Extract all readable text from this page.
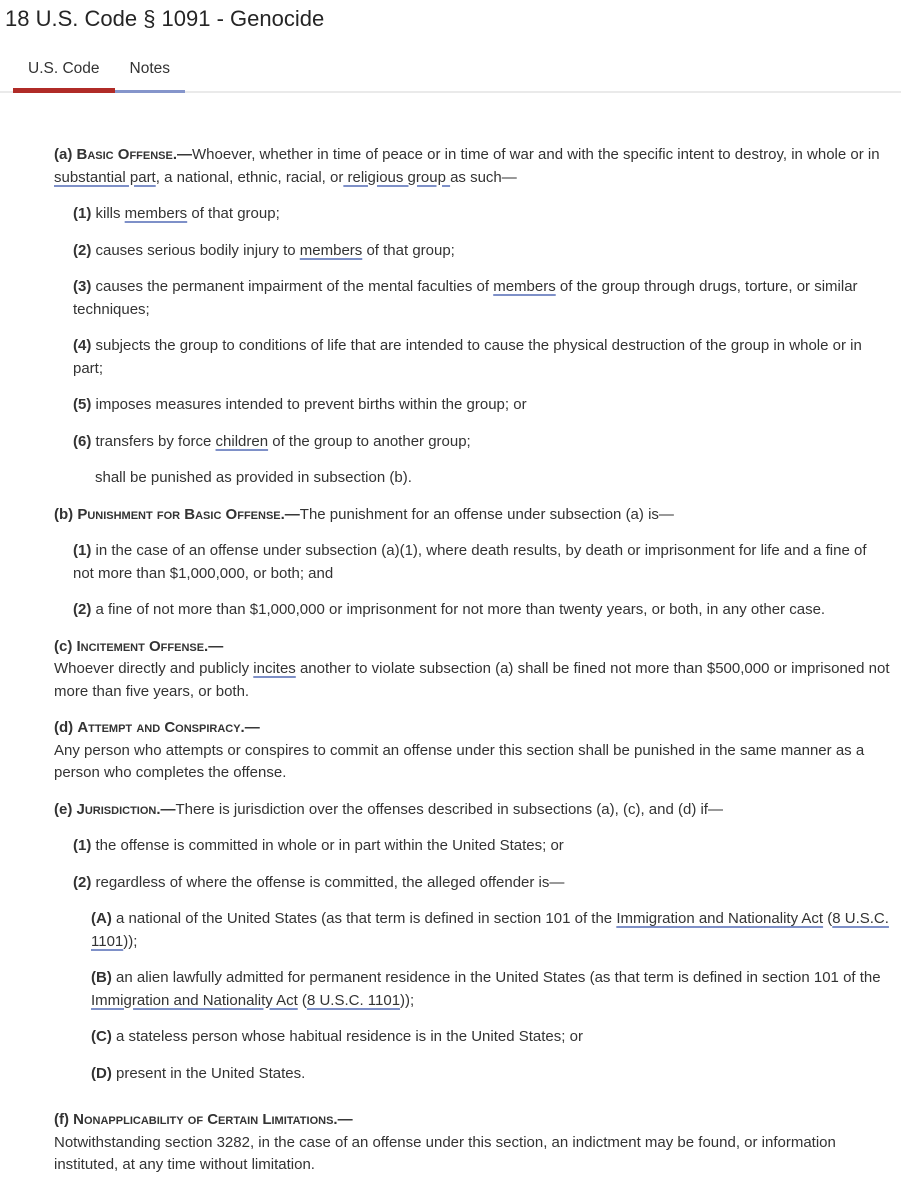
18 U.S. Code § 1091 - Genocide
U.S. Code	Notes

(a) Basic Offense.—Whoever, whether in time of peace or in time of war and with the specific intent to destroy, in whole or in substantial part, a national, ethnic, racial, or religious group as such—

(1) kills members of that group;

(2) causes serious bodily injury to members of that group;

(3) causes the permanent impairment of the mental faculties of members of the group through drugs, torture, or similar techniques;

(4) subjects the group to conditions of life that are intended to cause the physical destruction of the group in whole or in part;

(5) imposes measures intended to prevent births within the group; or

(6) transfers by force children of the group to another group;

shall be punished as provided in subsection (b).

(b) Punishment for Basic Offense.—The punishment for an offense under subsection (a) is—

(1) in the case of an offense under subsection (a)(1), where death results, by death or imprisonment for life and a fine of not more than $1,000,000, or both; and

(2) a fine of not more than $1,000,000 or imprisonment for not more than twenty years, or both, in any other case.

(c) Incitement Offense.—
Whoever directly and publicly incites another to violate subsection (a) shall be fined not more than $500,000 or imprisoned not more than five years, or both.

(d) Attempt and Conspiracy.—
Any person who attempts or conspires to commit an offense under this section shall be punished in the same manner as a person who completes the offense.

(e) Jurisdiction.—There is jurisdiction over the offenses described in subsections (a), (c), and (d) if—

(1) the offense is committed in whole or in part within the United States; or

(2) regardless of where the offense is committed, the alleged offender is—

(A) a national of the United States (as that term is defined in section 101 of the Immigration and Nationality Act (8 U.S.C. 1101));

(B) an alien lawfully admitted for permanent residence in the United States (as that term is defined in section 101 of the Immigration and Nationality Act (8 U.S.C. 1101));

(C) a stateless person whose habitual residence is in the United States; or

(D) present in the United States.

(f) Nonapplicability of Certain Limitations.—
Notwithstanding section 3282, in the case of an offense under this section, an indictment may be found, or information instituted, at any time without limitation.
